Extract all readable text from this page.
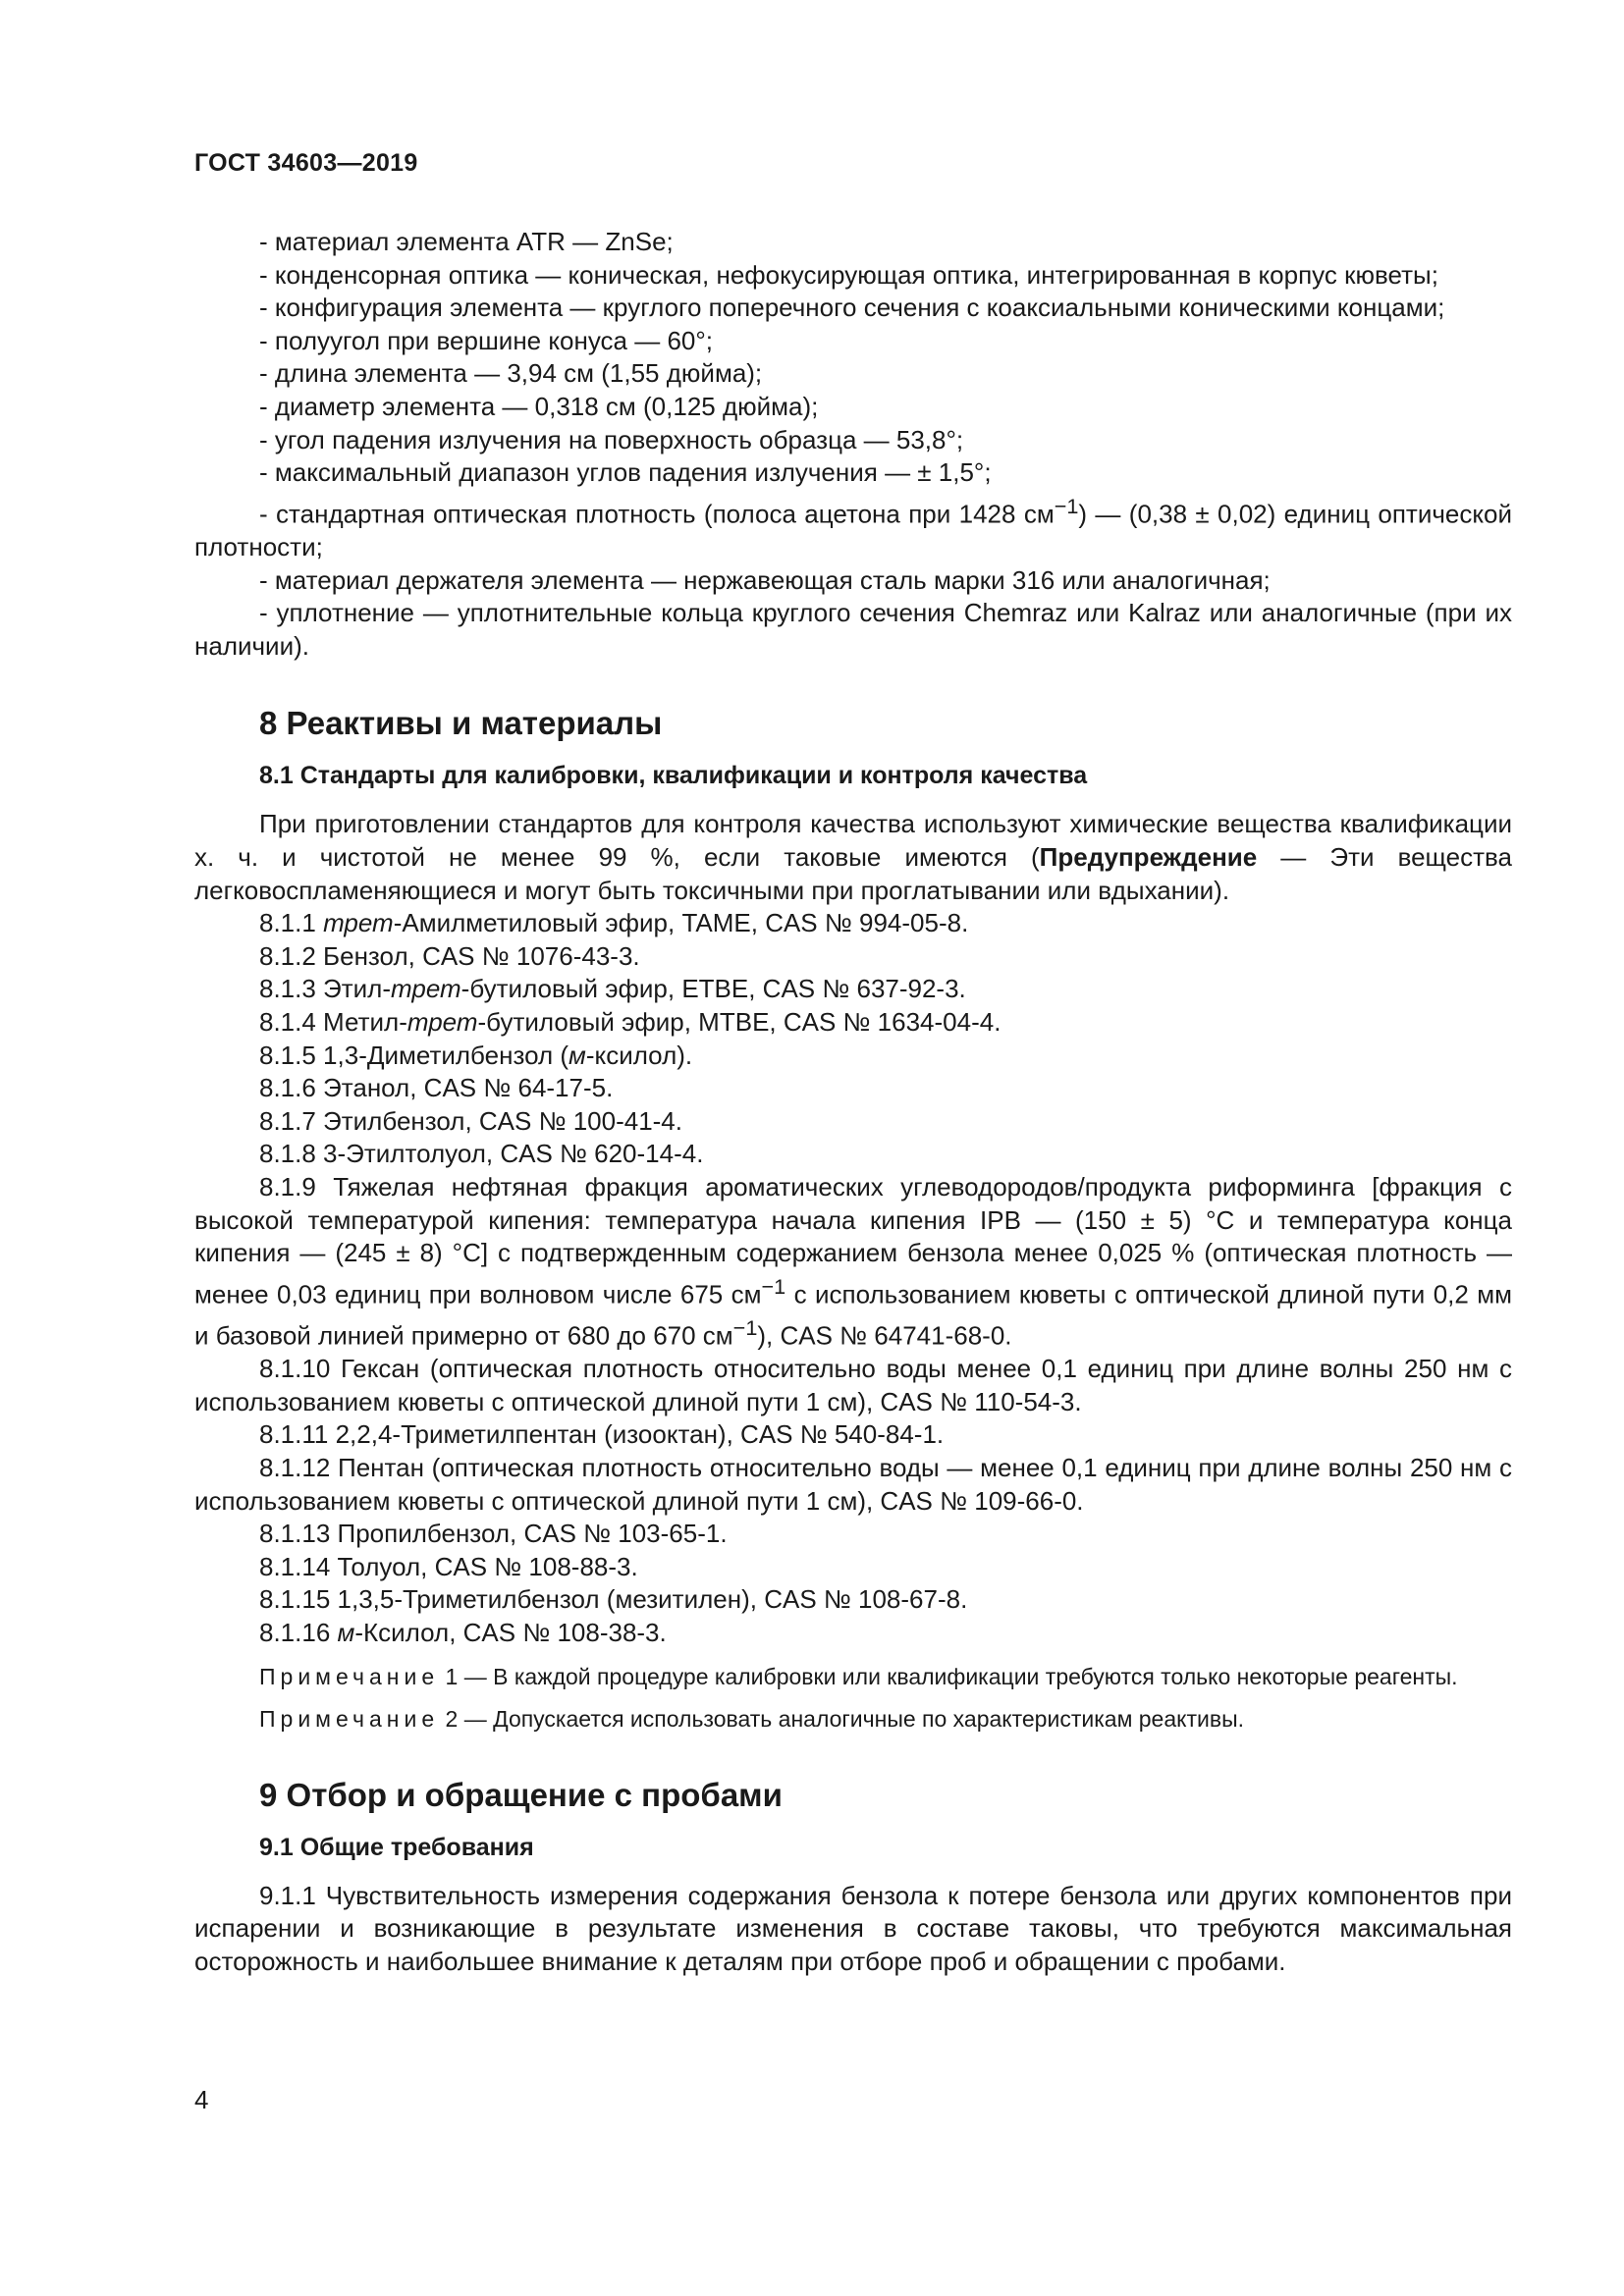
ГОСТ 34603—2019

- материал элемента ATR — ZnSe;

- конденсорная оптика — коническая, нефокусирующая оптика, интегрированная в корпус кюветы;

- конфигурация элемента — круглого поперечного сечения с коаксиальными коническими концами;

- полуугол при вершине конуса — 60°;

- длина элемента — 3,94 см (1,55 дюйма);

- диаметр элемента — 0,318 см (0,125 дюйма);

- угол падения излучения на поверхность образца — 53,8°;

- максимальный диапазон углов падения излучения — ± 1,5°;

- стандартная оптическая плотность (полоса ацетона при 1428 $см^{-1}$) — (0,38 ± 0,02) единиц оптической плотности;

- материал держателя элемента — нержавеющая сталь марки 316 или аналогичная;

- уплотнение — уплотнительные кольца круглого сечения Chemraz или Kalraz или аналогичные (при их наличии).

8 Реактивы и материалы
8.1 Стандарты для калибровки, квалификации и контроля качества

При приготовлении стандартов для контроля качества используют химические вещества квалификации х. ч. и чистотой не менее 99 %, если таковые имеются (Предупреждение — Эти вещества легковоспламеняющиеся и могут быть токсичными при проглатывании или вдыхании).

8.1.1 трет-Амилметиловый эфир, TAME, CAS № 994-05-8.

8.1.2 Бензол, CAS № 1076-43-3.

8.1.3 Этил-трет-бутиловый эфир, ETBE, CAS № 637-92-3.

8.1.4 Метил-трет-бутиловый эфир, MTBE, CAS № 1634-04-4.

8.1.5 1,3-Диметилбензол (м-ксилол).

8.1.6 Этанол, CAS № 64-17-5.

8.1.7 Этилбензол, CAS № 100-41-4.

8.1.8 3-Этилтолуол, CAS № 620-14-4.

8.1.9 Тяжелая нефтяная фракция ароматических углеводородов/продукта риформинга [фракция с высокой температурой кипения: температура начала кипения IPB — (150 ± 5) °С и температура конца кипения — (245 ± 8) °С] с подтвержденным содержанием бензола менее 0,025 % (оптическая плотность — менее 0,03 единиц при волновом числе 675 $см^{-1}$ с использованием кюветы с оптической длиной пути 0,2 мм и базовой линией примерно от 680 до 670 $см^{-1}$), CAS № 64741-68-0.

8.1.10 Гексан (оптическая плотность относительно воды менее 0,1 единиц при длине волны 250 нм с использованием кюветы с оптической длиной пути 1 см), CAS № 110-54-3.

8.1.11 2,2,4-Триметилпентан (изооктан), CAS № 540-84-1.

8.1.12 Пентан (оптическая плотность относительно воды — менее 0,1 единиц при длине волны 250 нм с использованием кюветы с оптической длиной пути 1 см), CAS № 109-66-0.

8.1.13 Пропилбензол, CAS № 103-65-1.

8.1.14 Толуол, CAS № 108-88-3.

8.1.15 1,3,5-Триметилбензол (мезитилен), CAS № 108-67-8.

8.1.16 м-Ксилол, CAS № 108-38-3.

Примечание 1 — В каждой процедуре калибровки или квалификации требуются только некоторые реагенты.

Примечание 2 — Допускается использовать аналогичные по характеристикам реактивы.

9 Отбор и обращение с пробами
9.1 Общие требования

9.1.1 Чувствительность измерения содержания бензола к потере бензола или других компонентов при испарении и возникающие в результате изменения в составе таковы, что требуются максимальная осторожность и наибольшее внимание к деталям при отборе проб и обращении с пробами.

4
